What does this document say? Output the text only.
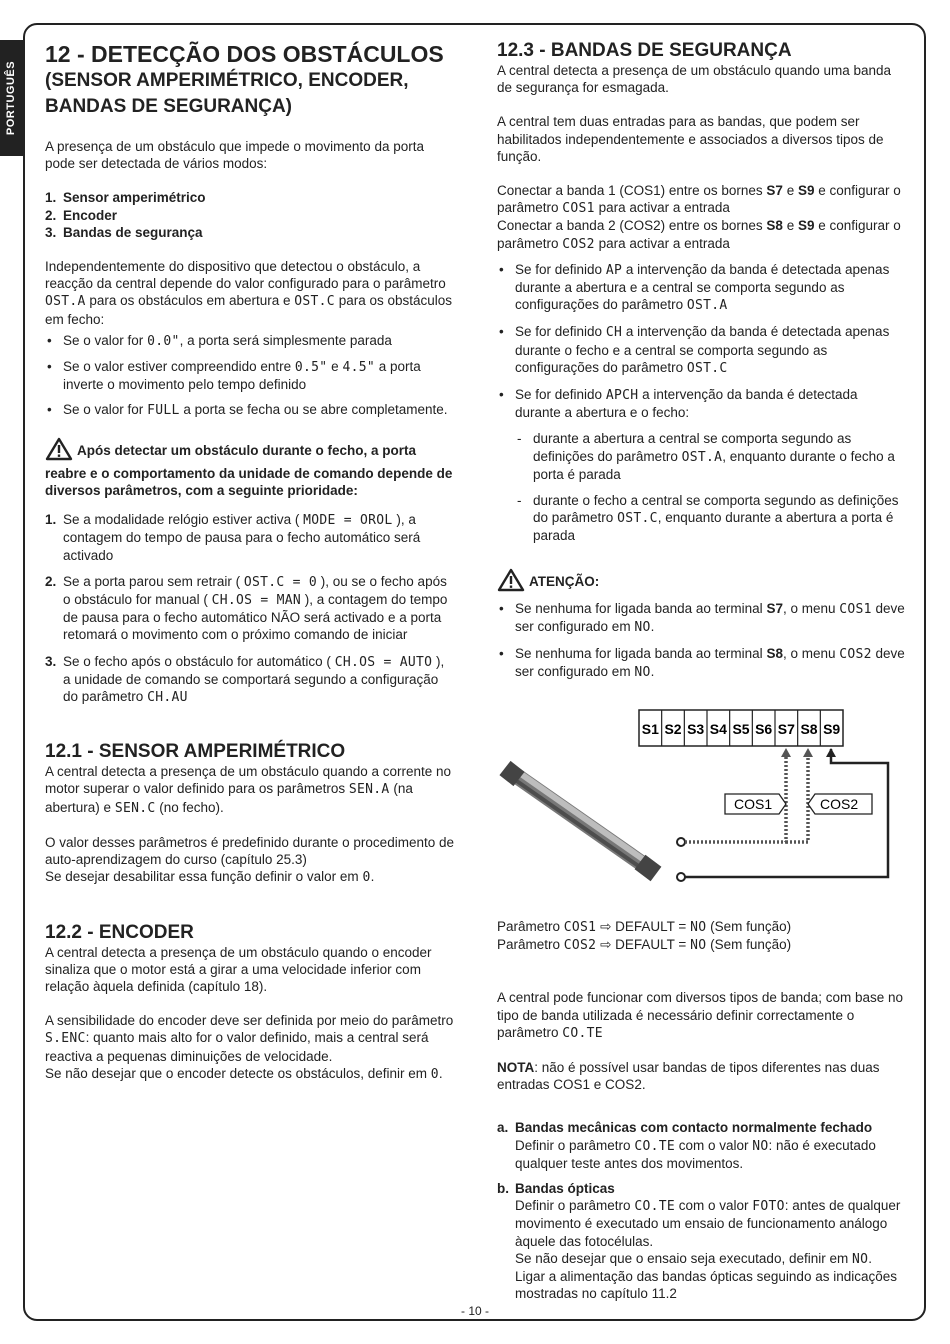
PORTUGUÊS
12 - DETECÇÃO DOS OBSTÁCULOS
(SENSOR AMPERIMÉTRICO, ENCODER,
BANDAS DE SEGURANÇA)

A presença de um obstáculo que impede o movimento da porta pode ser detectada de vários modos:

1. Sensor amperimétrico
2. Encoder
3. Bandas de segurança

Independentemente do dispositivo que detectou o obstáculo, a reacção da central depende do valor configurado para o parâmetro OST.A para os obstáculos em abertura e OST.C para os obstáculos em fecho:

• Se o valor for 0.0", a porta será simplesmente parada
• Se o valor estiver compreendido entre 0.5" e 4.5" a porta inverte o movimento pelo tempo definido
• Se o valor for FULL a porta se fecha ou se abre completamente.
Após detectar um obstáculo durante o fecho, a porta reabre e o comportamento da unidade de comando depende de diversos parâmetros, com a seguinte prioridade:
1. Se a modalidade relógio estiver activa ( MODE = OROL ), a contagem do tempo de pausa para o fecho automático será activado
2. Se a porta parou sem retrair ( OST.C = 0 ), ou se o fecho após o obstáculo for manual ( CH.OS = MAN ), a contagem do tempo de pausa para o fecho automático NÃO será activado e a porta retomará o movimento com o próximo comando de iniciar
3. Se o fecho após o obstáculo for automático ( CH.OS = AUTO ), a unidade de comando se comportará segundo a configuração do parâmetro CH.AU
12.1 - SENSOR AMPERIMÉTRICO

A central detecta a presença de um obstáculo quando a corrente no motor superar o valor definido para os parâmetros SEN.A (na abertura) e SEN.C (no fecho).

O valor desses parâmetros é predefinido durante o procedimento de auto-aprendizagem do curso (capítulo 25.3)

Se desejar desabilitar essa função definir o valor em 0.

12.2 - ENCODER

A central detecta a presença de um obstáculo quando o encoder sinaliza que o motor está a girar a uma velocidade inferior com relação àquela definida (capítulo 18).

A sensibilidade do encoder deve ser definida por meio do parâmetro S.ENC: quanto mais alto for o valor definido, mais a central será reactiva a pequenas diminuições de velocidade.

Se não desejar que o encoder detecte os obstáculos, definir em 0.

12.3 - BANDAS DE SEGURANÇA

A central detecta a presença de um obstáculo quando uma banda de segurança for esmagada.

A central tem duas entradas para as bandas, que podem ser habilitados independentemente e associados a diversos tipos de função.

Conectar a banda 1 (COS1) entre os bornes S7 e S9 e configurar o parâmetro COS1 para activar a entrada

Conectar a banda 2 (COS2) entre os bornes S8 e S9 e configurar o parâmetro COS2 para activar a entrada

• Se for definido AP a intervenção da banda é detectada apenas durante a abertura e a central se comporta segundo as configurações do parâmetro OST.A
• Se for definido CH a intervenção da banda é detectada apenas durante o fecho e a central se comporta segundo as configurações do parâmetro OST.C
• Se for definido APCH a intervenção da banda é detectada durante a abertura e o fecho:
- durante a abertura a central se comporta segundo as definições do parâmetro OST.A, enquanto durante o fecho a porta é parada
- durante o fecho a central se comporta segundo as definições do parâmetro OST.C, enquanto durante a abertura a porta é parada
ATENÇÃO:
• Se nenhuma for ligada banda ao terminal S7, o menu COS1 deve ser configurado em NO.
• Se nenhuma for ligada banda ao terminal S8, o menu COS2 deve ser configurado em NO.
S1 S2 S3 S4 S5 S6 S7 S8 S9
COS1	COS2
Parâmetro COS1 ⇨ DEFAULT = NO (Sem função)
Parâmetro COS2 ⇨ DEFAULT = NO (Sem função)

A central pode funcionar com diversos tipos de banda; com base no tipo de banda utilizada é necessário definir correctamente o parâmetro CO.TE

NOTA: não é possível usar bandas de tipos diferentes nas duas entradas COS1 e COS2.

a. Bandas mecânicas com contacto normalmente fechado
Definir o parâmetro CO.TE com o valor NO: não é executado qualquer teste antes dos movimentos.
b. Bandas ópticas
Definir o parâmetro CO.TE com o valor FOTO: antes de qualquer movimento é executado um ensaio de funcionamento análogo àquele das fotocélulas.
Se não desejar que o ensaio seja executado, definir em NO.
Ligar a alimentação das bandas ópticas seguindo as indicações mostradas no capítulo 11.2
- 10 -
